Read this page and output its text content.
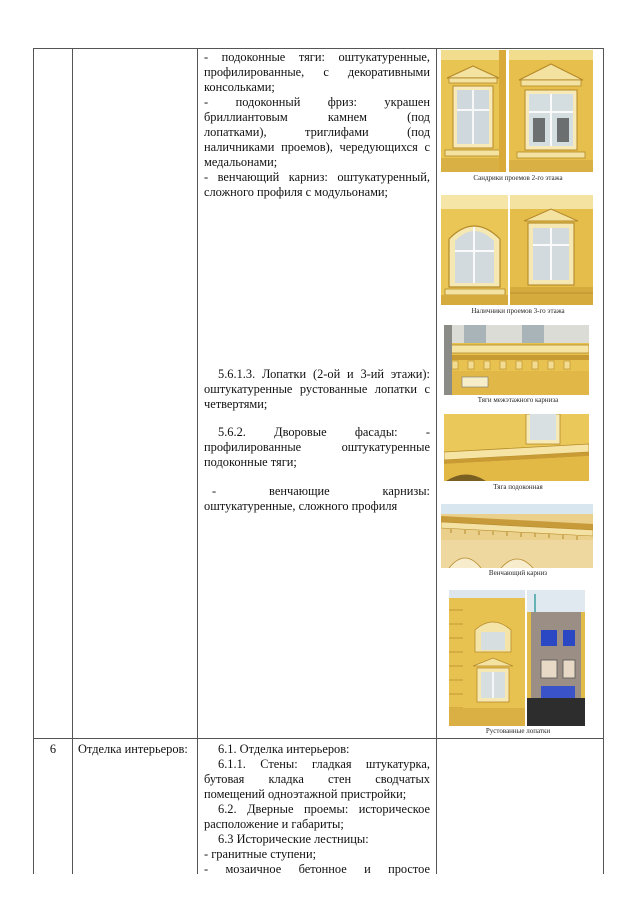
- подоконные тяги: оштукатуренные,

профилированные, с декоративными

консольками;

- подоконный фриз: украшен

бриллиантовым камнем (под

лопатками), триглифами (под

наличниками проемов), чередующихся с

медальонами;

- венчающий карниз: оштукатуренный,

сложного профиля с модульонами;

5.6.1.3. Лопатки (2-ой и 3-ий этажи):

оштукатуренные рустованные лопатки с

четвертями;

5.6.2. Дворовые фасады: -

профилированные оштукатуренные

подоконные тяги;

- венчающие карнизы:

оштукатуренные, сложного профиля

Сандрики проемов 2-го этажа
Наличники проемов 3-го этажа
Тяги межэтажного карниза
Тяга подоконная
Венчающий карниз
Рустованные лопатки
6	Отделка интерьеров:	6.1. Отделка интерьеров:

6.1.1. Стены: гладкая штукатурка,

бутовая кладка стен сводчатых

помещений одноэтажной пристройки;

6.2. Дверные проемы: историческое

расположение и габариты;

6.3 Исторические лестницы:

- гранитные ступени;

- мозаичное бетонное и простое
